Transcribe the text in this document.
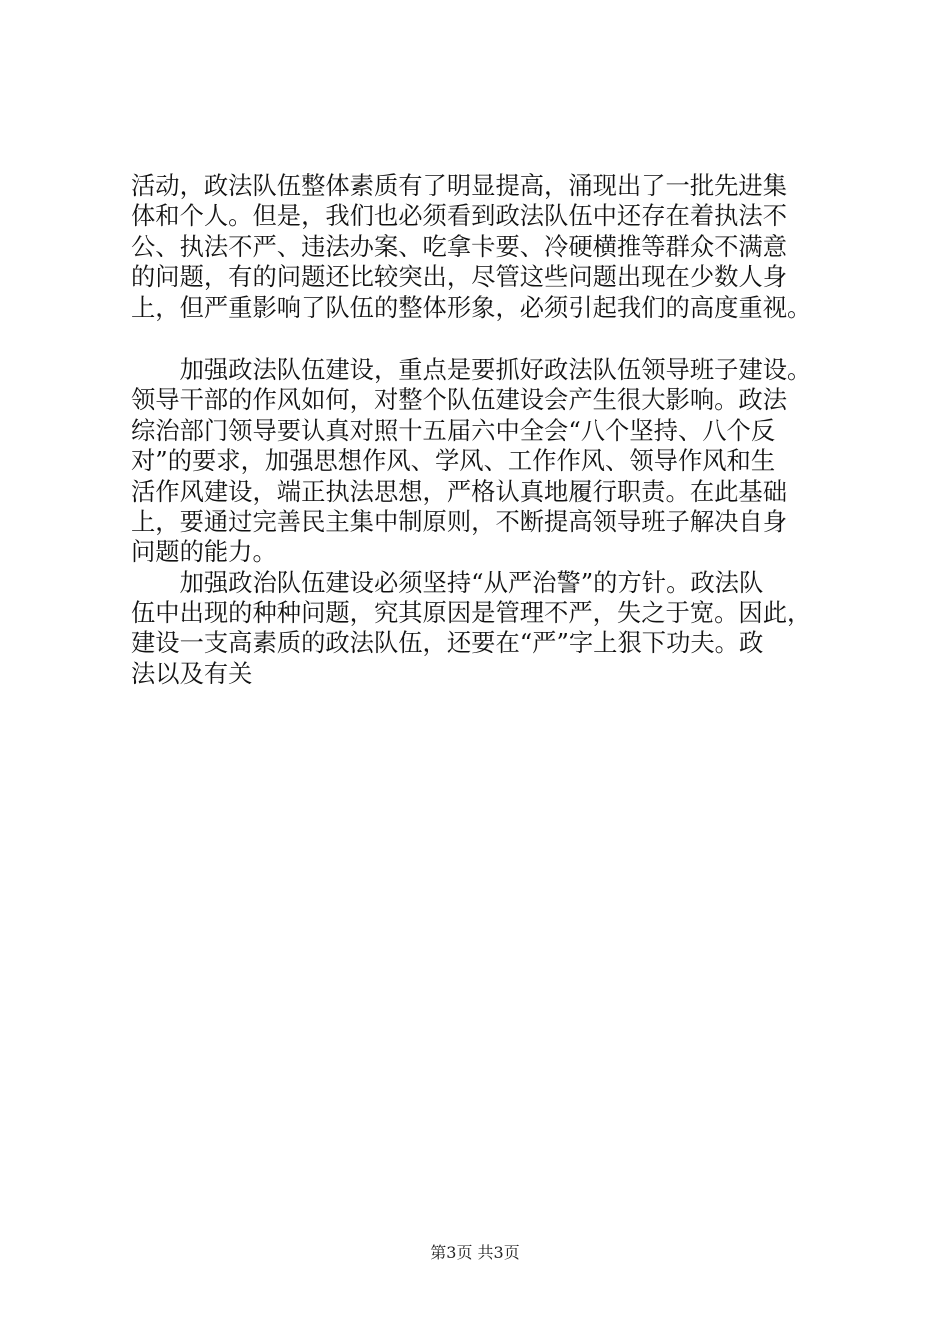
活动，政法队伍整体素质有了明显提高，涌现出了一批先进集
体和个人。但是，我们也必须看到政法队伍中还存在着执法不
公、执法不严、违法办案、吃拿卡要、冷硬横推等群众不满意
的问题，有的问题还比较突出，尽管这些问题出现在少数人身
上，但严重影响了队伍的整体形象，必须引起我们的高度重视。
　　加强政法队伍建设，重点是要抓好政法队伍领导班子建设。
领导干部的作风如何，对整个队伍建设会产生很大影响。政法
综治部门领导要认真对照十五届六中全会“八个坚持、八个反
对”的要求，加强思想作风、学风、工作作风、领导作风和生
活作风建设，端正执法思想，严格认真地履行职责。在此基础
上，要通过完善民主集中制原则，不断提高领导班子解决自身
问题的能力。
　　加强政治队伍建设必须坚持“从严治警”的方针。政法队
伍中出现的种种问题，究其原因是管理不严，失之于宽。因此，
建设一支高素质的政法队伍，还要在“严”字上狠下功夫。政
法以及有关
第3页 共3页
